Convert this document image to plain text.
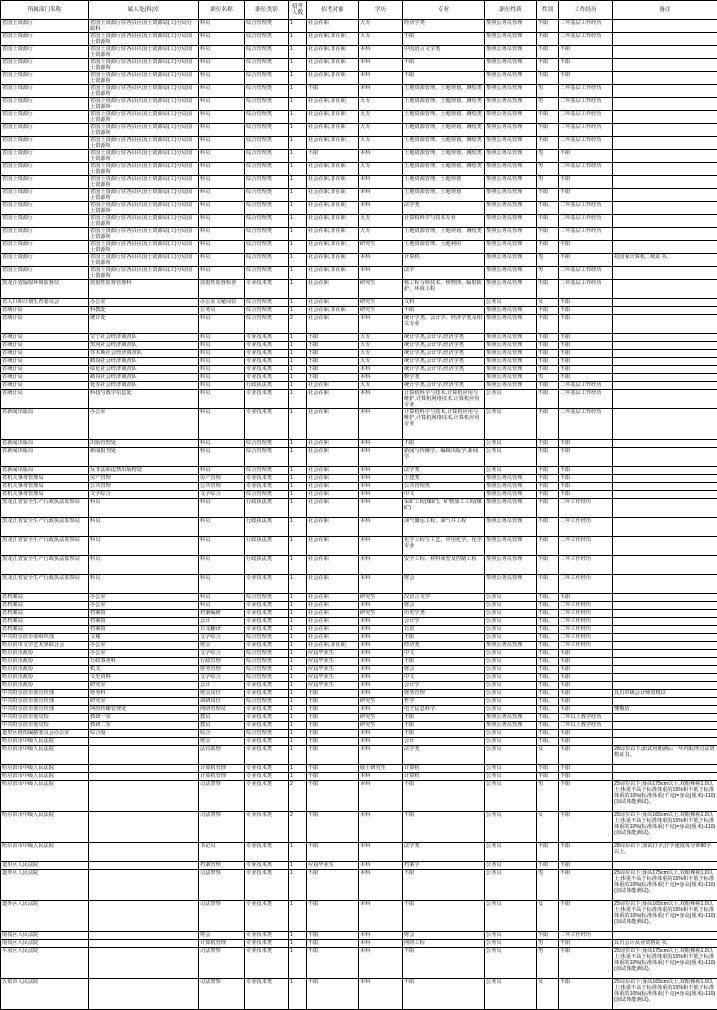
所属部门名称	属人处(科)室	职位名称	职位类别	招考人数	招考对象	学历	专业	职位性质	性别	工作经历	备注
省国土资源厅	省国土资源厅驻各县区国土资源局(工)分局行政科	科员	综合管理类	1	社会在职	大专	经济学类	参照公务员管理	不限	二年基层工作经历	
省国土资源厅	省国土资源厅驻各县区国土资源局(工)分局国土资源所	科员	综合管理类	1	社会在职,非在职	大专	不限	参照公务员管理	不限	二年基层工作经历	
省国土资源厅	省国土资源厅驻各县区国土资源局(工)分局国土资源所	科员	综合管理类	1	社会在职,非在职	本科	中国语言文学类	参照公务员管理	不限	不限	
省国土资源厅	省国土资源厅驻各县区国土资源局(工)分局国土资源所	科员	综合管理类	1	社会在职,非在职	本科	不限	参照公务员管理	不限	不限	
省国土资源厅	省国土资源厅驻各县区国土资源局(工)分局国土资源所	科员	综合管理类	1	社会在职,非在职	本科	不限	参照公务员管理	不限	不限	
省国土资源厅	省国土资源厅驻各县区国土资源局(工)分局国土资源所	科员	综合管理类	1	不限	本科	土地资源管理、土地规划、测绘类	参照公务员管理	男	二年基层工作经历	
省国土资源厅	省国土资源厅驻各县区国土资源局(工)分局国土资源所	科员	综合管理类	1	社会在职,非在职	大专	土地资源管理、土地规划、测绘类	参照公务员管理	男	二年基层工作经历	
省国土资源厅	省国土资源厅驻各县区国土资源局(工)分局国土资源所	科员	综合管理类	1	社会在职,非在职	大专	土地资源管理、土地规划、测绘类	参照公务员管理	不限	二年基层工作经历	
省国土资源厅	省国土资源厅驻各县区国土资源局(工)分局国土资源所	科员	综合管理类	1	社会在职,非在职	大专	土地资源管理、土地规划、测绘类	参照公务员管理	不限	二年基层工作经历	
省国土资源厅	省国土资源厅驻各县区国土资源局(工)分局国土资源所	科员	综合管理类	1	社会在职,非在职	大专	土地资源管理、土地规划、测绘类	参照公务员管理	不限	二年基层工作经历	
省国土资源厅	省国土资源厅驻各县区国土资源局(工)分局国土资源所	科员	综合管理类	1	不限	本科	土地资源管理、土地规划、测绘类	参照公务员管理	男	不限	
省国土资源厅	省国土资源厅驻各县区国土资源局(工)分局国土资源所	科员	综合管理类	1	社会在职,非在职	大专	土地资源管理、土地规划、测绘类	参照公务员管理	男	二年基层工作经历	
省国土资源厅	省国土资源厅驻各县区国土资源局(工)分局国土资源所	科员	综合管理类	1	社会在职,非在职	本科	土地资源管理、土地规划	参照公务员管理	男	不限	
省国土资源厅	省国土资源厅驻各县区国土资源局(工)分局国土资源所	科员	综合管理类	1	社会在职,非在职	本科	土地资源管理、土地规划	参照公务员管理	不限	不限	
省国土资源厅	省国土资源厅驻各县区国土资源局(工)分局国土资源所	科员	综合管理类	1	社会在职,非在职	本科	法学类	参照公务员管理	不限	二年基层工作经历	
省国土资源厅	省国土资源厅驻各县区国土资源局(工)分局国土资源所	科员	综合管理类	1	社会在职,非在职	大专	计算机科学与技术专业	参照公务员管理	不限	二年基层工作经历	
省国土资源厅	省国土资源厅驻各县区国土资源局(工)分局国土资源所	科员	综合管理类	1	社会在职,非在职	大专	土地资源管理、土地规划、测绘类	参照公务员管理	不限	二年基层工作经历	
省国土资源厅	省国土资源厅驻各县区国土资源局(工)分局国土资源所	科员	综合管理类	1	社会在职,非在职	研究生	土地资源管理、土地利用	参照公务员管理	不限	不限	
省国土资源厅	省国土资源厅驻各县区国土资源局(工)分局国土资源所	科员	综合管理类	1	社会在职,非在职	本科	计算机	参照公务员管理	男	不限	持国家计算机二级证书。
省国土资源厅	省国土资源厅驻各县区国土资源局(工)分局国土资源所	科员	综合管理类	1	社会在职,非在职	本科	法学	参照公务员管理	男	二年基层工作经历	
黑龙江省辐射环境监督站	放射性监督管理科	放射性监督检查	专业技术类	1	社会在职	研究生	核工程与核技术、核物理、辐射防护、环境工程	参照公务员管理	不限	二年基层工作经历	
省人口和计划生育委员会	办公室	办公室文秘岗位	综合管理类	1	社会在职	研究生	文科	公务员	女	不限	
省统计局	科教处	公务员	综合管理类	1	社会在职,非在职	研究生	不限	参照公务员管理	不限	不限	
省统计局	统计处	科员	综合管理类	2	社会在职	本科	统计学类、会计学、经济学类及相关专业	参照公务员管理	不限	不限	
省统计局	宝宁社会经济调查队	科员	专业技术类	1	不限	大专	统计学类,会计学,经济学类	参照公务员管理	不限	不限	
省统计局	黑河社会经济调查队	科员	专业技术类	1	不限	大专	统计学类,会计学,经济学类	参照公务员管理	不限	不限	
省统计局	佳木斯社会经济调查队	科员	专业技术类	1	不限	大专	统计学类,会计学,经济学类	参照公务员管理	不限	不限	
省统计局	鹤岗社会经济调查队	科员	专业技术类	1	不限	大专	统计学类,会计学,经济学类	参照公务员管理	不限	不限	
省统计局	绥化社会经济调查队	科员	专业技术类	1	不限	本科	统计学类,会计学,经济学类	参照公务员管理	不限	不限	
省统计局	鹤岗社会经济调查队	科员	专业技术类	1	不限	本科	数学类	参照公务员管理	男	不限	
省统计局	延寿社会经济调查队	科员	行政执法类	1	社会在职	大专	统计学类,会计学,经济学类	参照公务员管理	不限	二年基层工作经历	
省统计局	科技与教学信息处	科员	专业技术类	1	社会在职	本科	计算机科学与技术,计算机应用与维护,计算机网络技术,计算机应用专业	公务员	不限	二年基层工作经历	
省新闻出版局	办公室	科员	专业技术类	1	社会在职	本科	计算机科学与技术,计算机应用与维护,计算机网络技术,计算机应用专业	公务员	不限	二年基层工作经历	
省新闻出版局	出版管理处	科员	综合管理类	1	社会在职	本科	不限	公务员	不限	不限	
省新闻出版局	新闻报刊处	科员	综合管理类	1	社会在职	本科	新闻与传播学、编辑出版学,新闻学	公务员	不限	不限	
省新闻出版局	反非法和违禁出版物处	科员	综合管理类	1	社会在职	本科	法学类	公务员	不限	不限	
省机关事务管理局	房产管理	房产管理	专业技术类	1	社会在职	本科	土建类	参照公务员管理	不限	不限	
省机关事务管理局	公共管理	公共管理	专业技术类	1	社会在职	本科	公共管理类	参照公务员管理	不限	不限	
省机关事务管理局	文字综合	文字综合	综合管理类	1	社会在职	本科	中文	参照公务员管理	不限	不限	
黑龙江省安全生产行政执法监察局	科员	科员	行政执法类	1	社会在职	本科	采矿工程(煤矿)、矿物加工工程(煤矿)	参照公务员管理	不限	二年工作经历	
黑龙江省安全生产行政执法监察局	科员	科员	行政执法类	1	社会在职	本科	油气储运工程、油气井工程	参照公务员管理	不限	二年工作经历	
黑龙江省安全生产行政执法监察局	科员	科员	行政执法类	1	社会在职	本科	化学工程与工艺、应用化学、化学专业	参照公务员管理	不限	二年工作经历	
黑龙江省安全生产行政执法监察局	科员	科员	行政执法类	1	社会在职	本科	安全工程、材料成型及控制工程	参照公务员管理	不限	二年工作经历	
黑龙江省安全生产行政执法监察局	科员	科员	专业技术类	1	社会在职	本科	财会	参照公务员管理	不限	二年工作经历	
省档案局	办公室	科员	综合管理类	1	社会在职	研究生	汉语言文学	公务员	不限	不限	
省档案局	办公室	科员	专业技术类	1	社会在职	本科	财会	公务员	不限	二年工作经历	
省档案局	档案馆	档案编研	专业技术类	1	社会在职	研究生	历史学类	公务员	不限	二年工作经历	
省档案局	档案馆	会计	专业技术类	1	社会在职	本科	会计学	公务员	不限	二年工作经历	
省档案局	档案馆	日文翻译	专业技术类	1	社会在职	本科	日语	公务员	不限	二年工作经历	
中共哈尔滨市委组织部	文秘	文字综合	综合管理类	1	社会在职	本科	不限	公务员	不限	二年工作经历	
哈尔滨市文学艺术界联合会	办公室	财会	专业技术类	1	社会在职,非在职	本科	经济类	参照公务员管理	不限	二年工作经历	
哈尔滨市政协	办公室	文字综合	综合管理类	1	应届毕业生	本科	中文	公务员	不限	不限	
哈尔滨市政协	行政事务科	行政管理	综合管理类	1	应届毕业生	本科	不限	公务员	不限	不限	
哈尔滨市政协	机关	财务管理	综合管理类	1	应届毕业生	本科	财会	公务员	不限	不限	
哈尔滨市政协	文史资料	文字综合	综合管理类	1	应届毕业生	本科	中文	公务员	不限	不限	
哈尔滨市政协	研究室	会计	专业技术类	1	应届毕业生	本科	会计学	公务员	不限	不限	
中共哈尔滨市委宣传部	财务科	财会岗位	专业技术类	1	不限	本科	财务管理	公务员	不限	不限	具有中级会计师资格证
中共哈尔滨市委宣传部	研究室	调研岗位	综合管理类	1	不限	研究生	哲学	公务员	不限	不限	
中共哈尔滨市委宣传部	网络传播管理处	网络管理员	专业技术类	1	不限	本科	电子信息科学	公务员	不限	不限	懂俄语
中共哈尔滨市委党校	教研一室	教员	专业技术类	1	不限	研究生	不限	参照公务员管理	不限	二年以上教学经历	
中共哈尔滨市委党校	教研二室	教员	专业技术类	1	不限	研究生	不限	参照公务员管理	不限	二年以上教学经历	
道里区机构编制委员会办公室	综合股	综合	综合管理类	1	不限	本科	不限	公务员	不限	不限	
哈尔滨市中级人民法院		财会	专业技术类	1	不限	本科	会计	公务员	不限	不限	
哈尔滨市中级人民法院		法官助理	专业技术类	1	不限	本科	法学类	公务员	女	不限	28周岁以下;如试用期满后一年内取得司法资格证书。
哈尔滨市中级人民法院		计算机管理	专业技术类	1	不限	硕士研究生	计算机	公务员	不限	不限	
哈尔滨市中级人民法院		计算机管理	专业技术类	1	不限	本科	计算机	公务员	不限	不限	
哈尔滨市中级人民法院		司法警察	专业技术类	2	不限	本科	不限	公务员	男	不限	25周岁以下;身高175cm以上,双眼裸视1.0以上;体重不高于标准体重的15%和不低于标准体重的10%(标准体重(千克)=身高(厘米)-110)(加试体能测试)。
哈尔滨市中级人民法院		司法警察	专业技术类	2	不限	本科	不限	公务员	女	不限	25周岁以下;身高165cm以上,双眼裸视1.0以上;体重不高于标准体重的15%和不低于标准体重的10%(标准体重(千克)=身高(厘米)-110)(加试体能测试)。
哈尔滨市中级人民法院		书记员	专业技术类	1	不限	本科	法学类	公务员	不限	不限	28周岁以下;加试打字,打字速度每分钟80字以上。
道里区人民法院		档案管理	专业技术类	1	应届毕业生	本科	档案学	公务员	不限	不限	
道外区人民法院		司法警察	专业技术类	1	不限	本科	不限	公务员	男	不限	25周岁以下;身高175cm以上,双眼裸视1.0以上;体重不高于标准体重的15%和不低于标准体重的10%(标准体重(千克)=身高(厘米)-110)(加试体能测试)。
道外区人民法院		司法警察	专业技术类	1	不限	本科	不限	公务员	女	不限	25周岁以下;身高165cm以上,双眼裸视1.0以上;体重不高于标准体重的15%和不低于标准体重的10%(标准体重(千克)=身高(厘米)-110)(加试体能测试)。
南岗区人民法院		财会	专业技术类	1	不限	本科	财会	公务员	不限	二年工作经历	
南岗区人民法院		计算机管理	专业技术类	1	不限	本科	网络工程	公务员	男	不限	具有会计从业资格证书。
平房区人民法院		司法警察	专业技术类	1	不限	本科	不限	公务员	男	不限	25周岁以下;身高175cm以上,双眼裸视1.0以上;体重不高于标准体重的15%和不低于标准体重的10%(标准体重(千克)=身高(厘米)-110)(加试体能测试)。
五常市人民法院		司法警察	专业技术类	1	不限	本科	不限	公务员	女	不限	25周岁以下;身高165cm以上,双眼裸视1.0以上;体重不高于标准体重的15%和不低于标准体重的10%(标准体重(千克)=身高(厘米)-110)(加试体能测试)。
